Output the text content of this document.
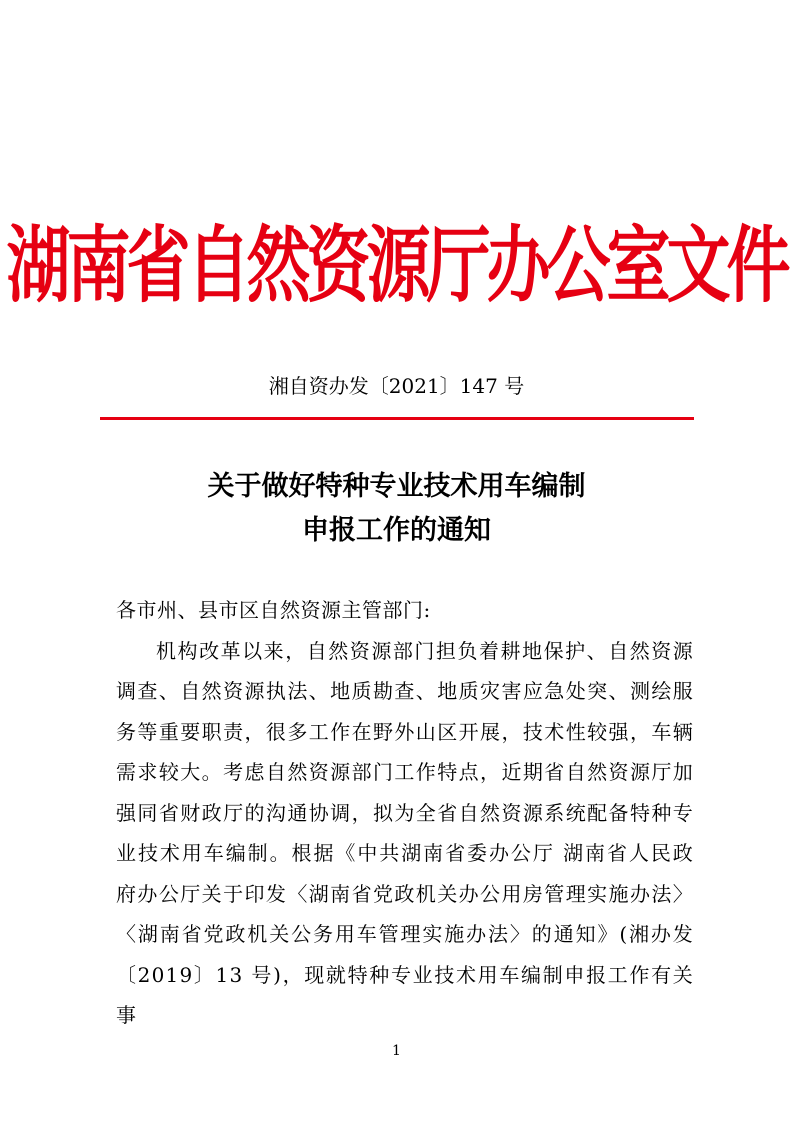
湖南省自然资源厅办公室文件
湘自资办发〔2021〕147 号
关于做好特种专业技术用车编制
申报工作的通知

各市州、县市区自然资源主管部门:

机构改革以来，自然资源部门担负着耕地保护、自然资源调查、自然资源执法、地质勘查、地质灾害应急处突、测绘服务等重要职责，很多工作在野外山区开展，技术性较强，车辆需求较大。考虑自然资源部门工作特点，近期省自然资源厅加强同省财政厅的沟通协调，拟为全省自然资源系统配备特种专业技术用车编制。根据《中共湖南省委办公厅 湖南省人民政府办公厅关于印发〈湖南省党政机关办公用房管理实施办法〉〈湖南省党政机关公务用车管理实施办法〉的通知》(湘办发〔2019〕13 号)，现就特种专业技术用车编制申报工作有关事

1
